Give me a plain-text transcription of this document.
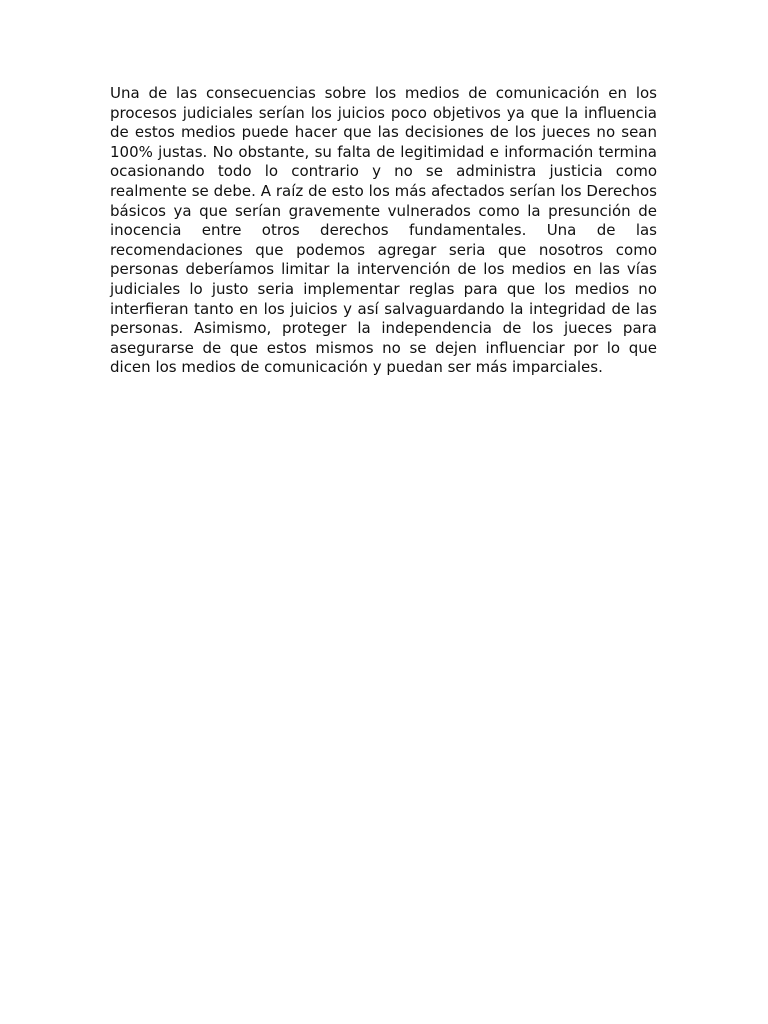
Una de las consecuencias sobre los medios de comunicación en los procesos judiciales serían los juicios poco objetivos ya que la influencia de estos medios puede hacer que las decisiones de los jueces no sean 100% justas. No obstante, su falta de legitimidad e información termina ocasionando todo lo contrario y no se administra justicia como realmente se debe. A raíz de esto los más afectados serían los Derechos básicos ya que serían gravemente vulnerados como la presunción de inocencia entre otros derechos fundamentales. Una de las recomendaciones que podemos agregar seria que nosotros como personas deberíamos limitar la intervención de los medios en las vías judiciales lo justo seria implementar reglas para que los medios no interfieran tanto en los juicios y así salvaguardando la integridad de las personas. Asimismo, proteger la independencia de los jueces para asegurarse de que estos mismos no se dejen influenciar por lo que dicen los medios de comunicación y puedan ser más imparciales.
